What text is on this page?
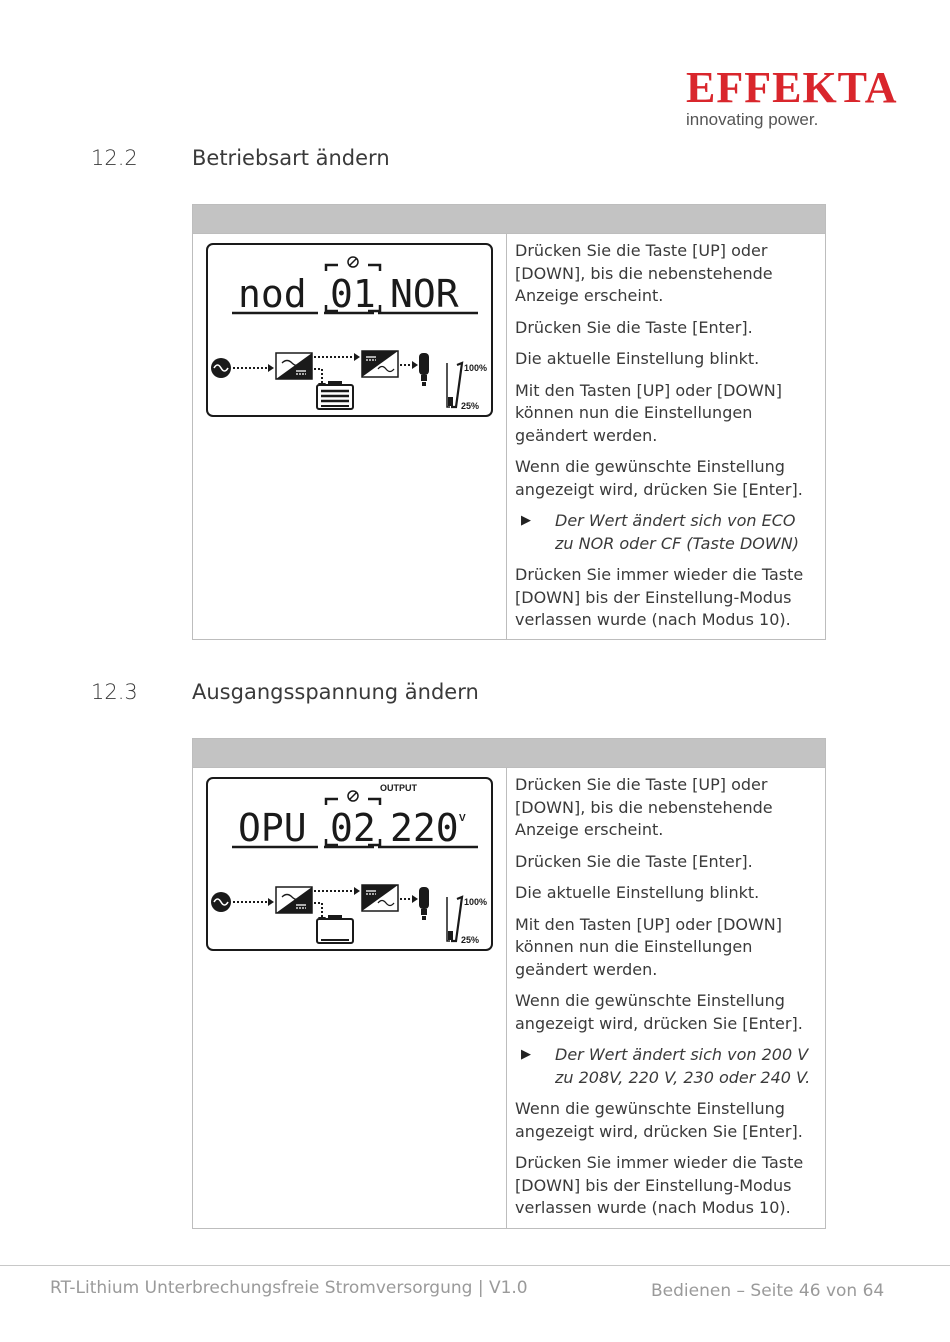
EFFEKTA
innovating power.
12.2	Betriebsart ändern
nod 01 NOR
100%
25%

Drücken Sie die Taste [UP] oder [DOWN], bis die nebenstehende Anzeige erscheint.

Drücken Sie die Taste [Enter].

Die aktuelle Einstellung blinkt.

Mit den Tasten [UP] oder [DOWN] können nun die Einstellungen geändert werden.

Wenn die gewünschte Einstellung angezeigt wird, drücken Sie [Enter].

▶	Der Wert ändert sich von ECO zu NOR oder CF (Taste DOWN)

Drücken Sie immer wieder die Taste [DOWN] bis der Einstellung-Modus verlassen wurde (nach Modus 10).

12.3	Ausgangsspannung ändern
OUTPUT
OPU 02 220 V
100%
25%

Drücken Sie die Taste [UP] oder [DOWN], bis die nebenstehende Anzeige erscheint.

Drücken Sie die Taste [Enter].

Die aktuelle Einstellung blinkt.

Mit den Tasten [UP] oder [DOWN] können nun die Einstellungen geändert werden.

Wenn die gewünschte Einstellung angezeigt wird, drücken Sie [Enter].

▶	Der Wert ändert sich von 200 V zu 208V, 220 V, 230 oder 240 V.

Wenn die gewünschte Einstellung angezeigt wird, drücken Sie [Enter].

Drücken Sie immer wieder die Taste [DOWN] bis der Einstellung-Modus verlassen wurde (nach Modus 10).

RT-Lithium Unterbrechungsfreie Stromversorgung | V1.0	Bedienen – Seite 46 von 64
